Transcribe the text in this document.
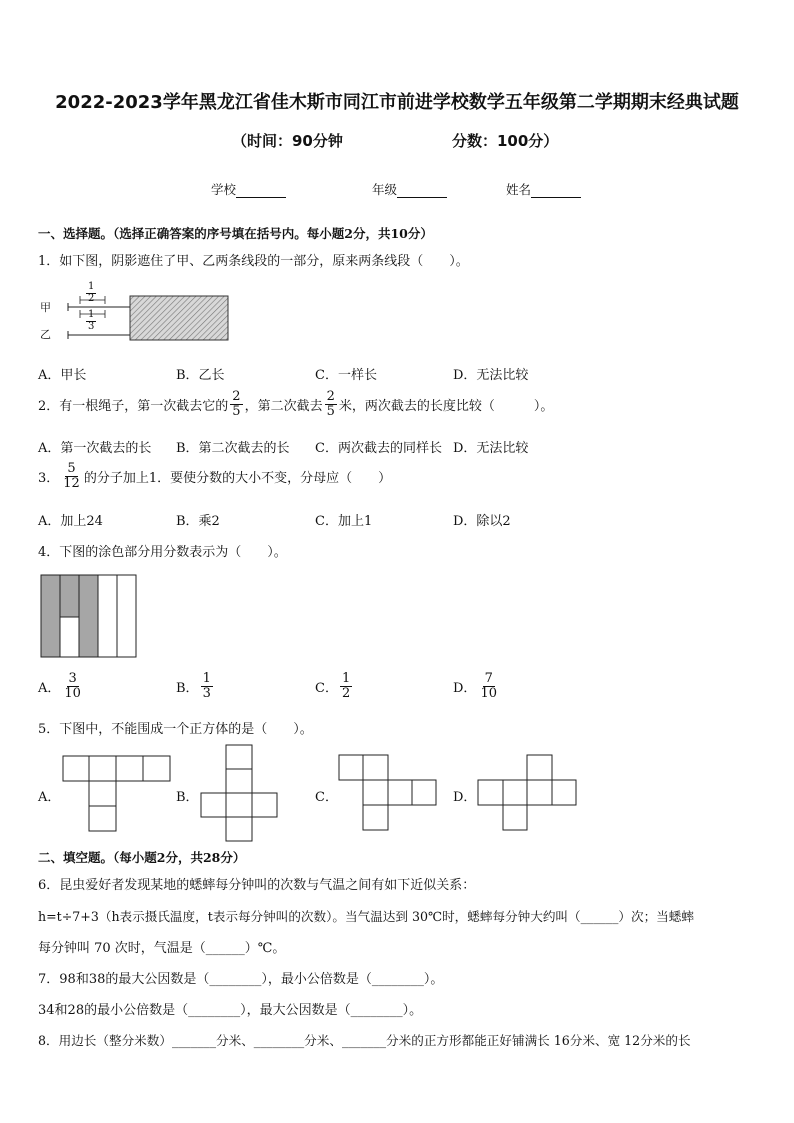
2022-2023学年黑龙江省佳木斯市同江市前进学校数学五年级第二学期期末经典试题
（时间：90分钟	分数：100分）
学校	年级	姓名
一、选择题。（选择正确答案的序号填在括号内。每小题2分，共10分）
1．如下图，阴影遮住了甲、乙两条线段的一部分，原来两条线段（　　）。
甲
乙
$\frac{1}{2}$
$\frac{1}{3}$
A．甲长	B．乙长	C．一样长	D．无法比较
2．有一根绳子，第一次截去它的 $\frac{2}{5}$ ，第二次截去 $\frac{2}{5}$ 米，两次截去的长度比较（　　　）。
A．第一次截去的长 B．第二次截去的长 C．两次截去的同样长 D．无法比较
3． $\frac{5}{12}$ 的分子加上1．要使分数的大小不变，分母应（　　）
A．加上24	B．乘2	C．加上1	D．除以2
4．下图的涂色部分用分数表示为（　　）。
A． $\frac{3}{10}$	B． $\frac{1}{3}$	C． $\frac{1}{2}$	D． $\frac{7}{10}$
5．下图中，不能围成一个正方体的是（　　）。
A．	B．	C．	D．
二、填空题。（每小题2分，共28分）
6．昆虫爱好者发现某地的蟋蟀每分钟叫的次数与气温之间有如下近似关系：
h=t÷7+3（h表示摄氏温度，t表示每分钟叫的次数）。当气温达到 30℃时，蟋蟀每分钟大约叫（______）次；当蟋蟀
每分钟叫 70 次时，气温是（______）℃。
7．98和38的最大公因数是（________），最小公倍数是（________）。
34和28的最小公倍数是（________），最大公因数是（________）。
8．用边长（整分米数）_______分米、________分米、_______分米的正方形都能正好铺满长 16分米、宽 12分米的长
